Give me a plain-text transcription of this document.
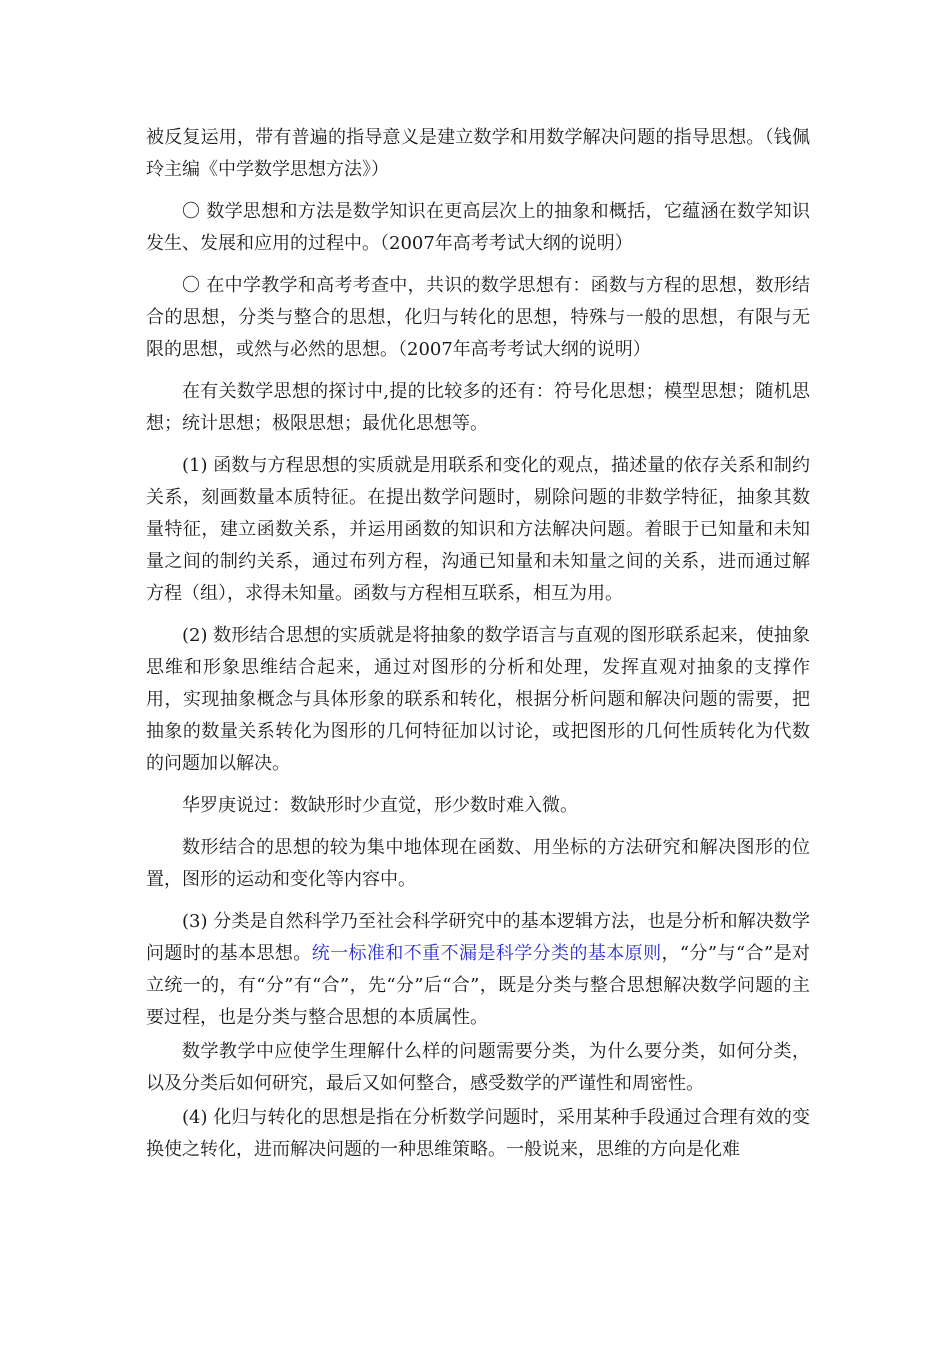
被反复运用，带有普遍的指导意义是建立数学和用数学解决问题的指导思想。（钱佩玲主编《中学数学思想方法》）

〇 数学思想和方法是数学知识在更高层次上的抽象和概括，它蕴涵在数学知识发生、发展和应用的过程中。（2007年高考考试大纲的说明）

〇 在中学教学和高考考查中，共识的数学思想有：函数与方程的思想，数形结合的思想，分类与整合的思想，化归与转化的思想，特殊与一般的思想，有限与无限的思想，或然与必然的思想。（2007年高考考试大纲的说明）

在有关数学思想的探讨中,提的比较多的还有：符号化思想；模型思想；随机思想；统计思想；极限思想；最优化思想等。

(1) 函数与方程思想的实质就是用联系和变化的观点，描述量的依存关系和制约关系，刻画数量本质特征。在提出数学问题时，剔除问题的非数学特征，抽象其数量特征，建立函数关系，并运用函数的知识和方法解决问题。着眼于已知量和未知量之间的制约关系，通过布列方程，沟通已知量和未知量之间的关系，进而通过解方程（组），求得未知量。函数与方程相互联系，相互为用。

(2) 数形结合思想的实质就是将抽象的数学语言与直观的图形联系起来，使抽象思维和形象思维结合起来，通过对图形的分析和处理，发挥直观对抽象的支撑作用，实现抽象概念与具体形象的联系和转化，根据分析问题和解决问题的需要，把抽象的数量关系转化为图形的几何特征加以讨论，或把图形的几何性质转化为代数的问题加以解决。

华罗庚说过：数缺形时少直觉，形少数时难入微。

数形结合的思想的较为集中地体现在函数、用坐标的方法研究和解决图形的位置，图形的运动和变化等内容中。

(3) 分类是自然科学乃至社会科学研究中的基本逻辑方法，也是分析和解决数学问题时的基本思想。统一标准和不重不漏是科学分类的基本原则，“分”与“合”是对立统一的，有“分”有“合”，先“分”后“合”，既是分类与整合思想解决数学问题的主要过程，也是分类与整合思想的本质属性。

数学教学中应使学生理解什么样的问题需要分类，为什么要分类，如何分类，以及分类后如何研究，最后又如何整合，感受数学的严谨性和周密性。

(4) 化归与转化的思想是指在分析数学问题时，采用某种手段通过合理有效的变换使之转化，进而解决问题的一种思维策略。一般说来，思维的方向是化难
